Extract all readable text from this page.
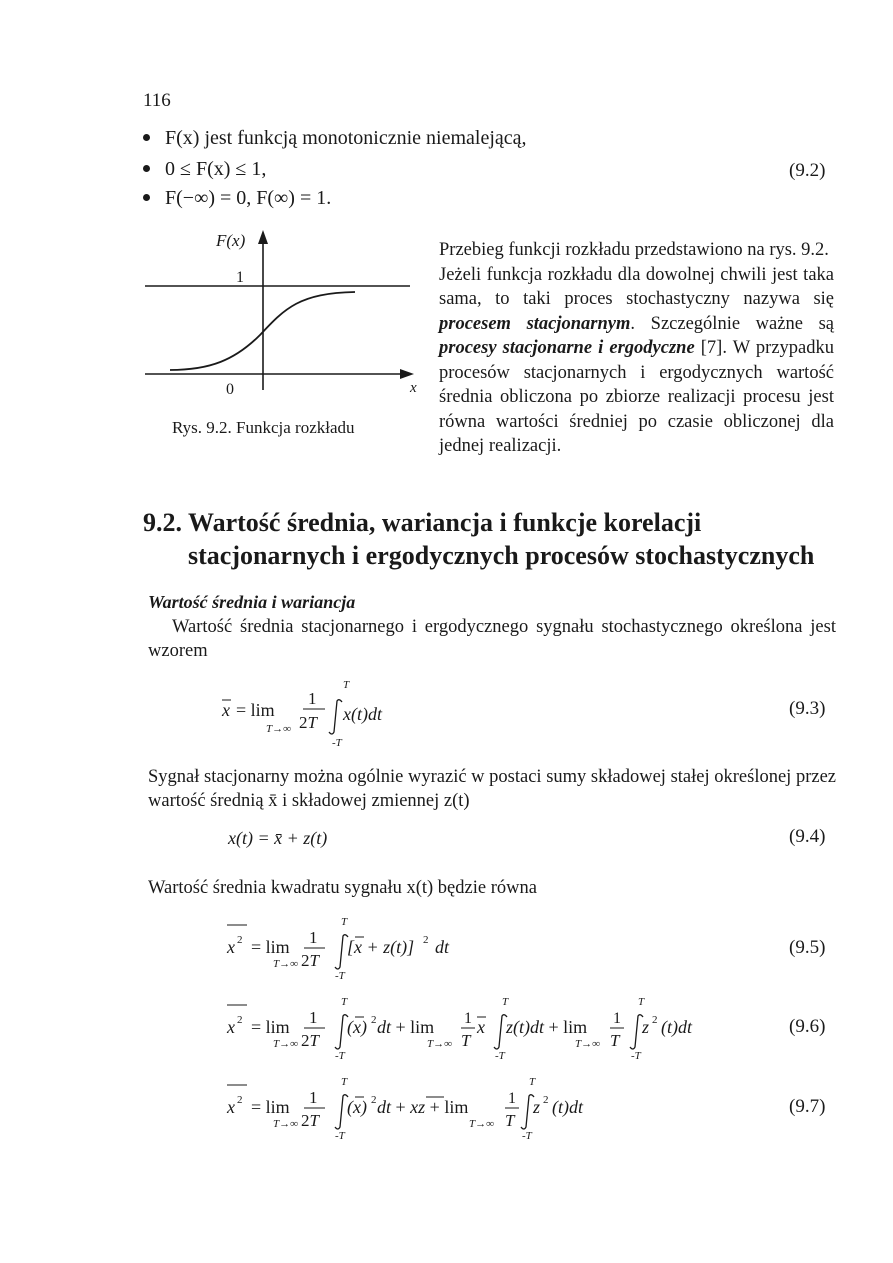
116
F(x) jest funkcją monotonicznie niemalejącą,
0 ≤ F(x) ≤ 1,
F(−∞) = 0, F(∞) = 1.
(9.2)
F(x)
1
0	x
Rys. 9.2. Funkcja rozkładu

Przebieg funkcji rozkładu przedstawiono na rys. 9.2.

Jeżeli funkcja rozkładu dla dowolnej chwili jest taka sama, to taki proces stochastyczny nazywa się procesem stacjonarnym. Szczególnie ważne są procesy stacjonarne i ergodyczne [7]. W przypadku procesów stacjonarnych i ergodycznych wartość średnia obliczona po zbiorze realizacji procesu jest równa wartości średniej po czasie obliczonej dla jednej realizacji.

9.2. Wartość średnia, wariancja i funkcje korelacji
stacjonarnych i ergodycznych procesów stochastycznych
Wartość średnia i wariancja
Wartość średnia stacjonarnego i ergodycznego sygnału stochastycznego określona jest wzorem
x = lim
T→∞
1
2T
T
-T
x(t)dt	(9.3)
Sygnał stacjonarny można ogólnie wyrazić w postaci sumy składowej stałej określonej przez wartość średnią x̄ i składowej zmiennej z(t)
x(t) = x̄ + z(t)	(9.4)
Wartość średnia kwadratu sygnału x(t) będzie równa
x 2 = lim
T→∞
1
2T
T
-T
[x + z(t)] 2 dt	(9.5)
x 2 = lim
T→∞
1
2T
T
-T
(x) 2 dt + lim
T→∞
1
T
x
T
-T
z(t)dt + lim
T→∞
1
T
T
-T
z 2 (t)dt	(9.6)
x 2 = lim
T→∞
1
2T
T
-T
(x) 2 dt + xz + lim
T→∞
1
T
T
-T
z 2 (t)dt	(9.7)
